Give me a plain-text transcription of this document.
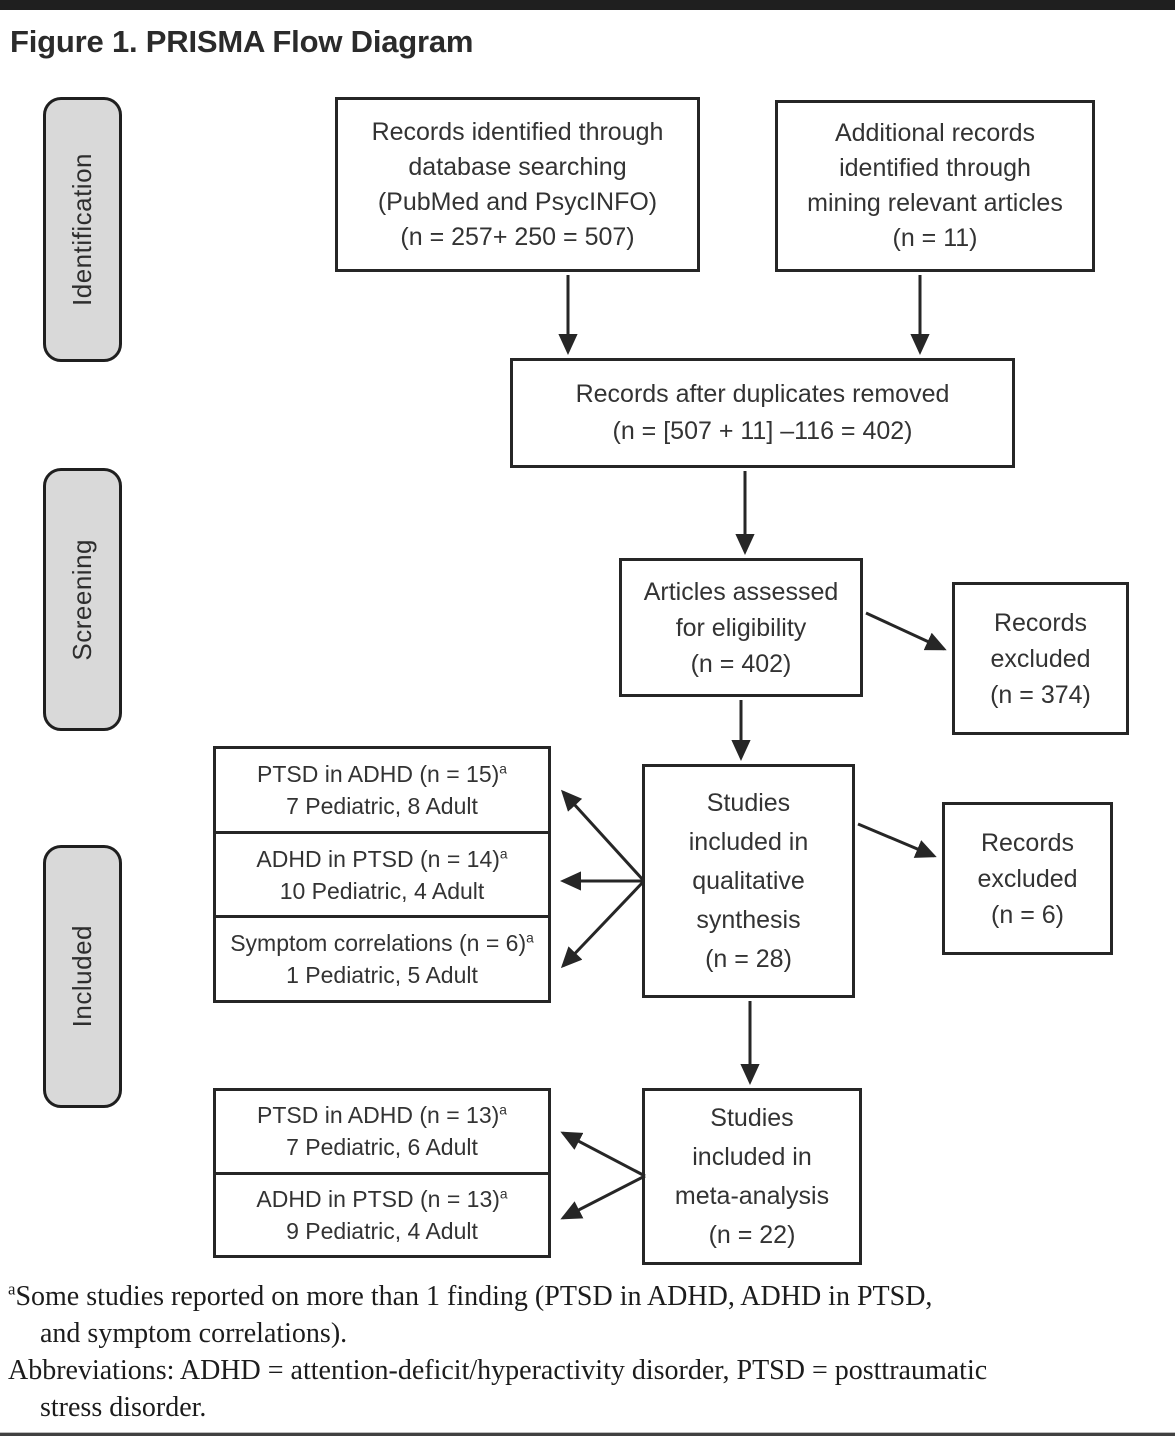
Figure 1. PRISMA Flow Diagram
Identification
Screening
Included
Records identified through
database searching
(PubMed and PsycINFO)
(n = 257+ 250 = 507)
Additional records
identified through
mining relevant articles
(n = 11)
Records after duplicates removed
(n = [507 + 11] –116 = 402)
Articles assessed
for eligibility
(n = 402)
Records
excluded
(n = 374)
Studies
included in
qualitative
synthesis
(n = 28)
Records
excluded
(n = 6)
Studies
included in
meta-analysis
(n = 22)
PTSD in ADHD (n = 15)$^a$
7 Pediatric, 8 Adult
ADHD in PTSD (n = 14)$^a$
10 Pediatric, 4 Adult
Symptom correlations (n = 6)$^a$
1 Pediatric, 5 Adult
PTSD in ADHD (n = 13)$^a$
7 Pediatric, 6 Adult
ADHD in PTSD (n = 13)$^a$
9 Pediatric, 4 Adult
$^a$Some studies reported on more than 1 finding (PTSD in ADHD, ADHD in PTSD,
and symptom correlations).
Abbreviations: ADHD = attention-deficit/hyperactivity disorder, PTSD = posttraumatic
stress disorder.
